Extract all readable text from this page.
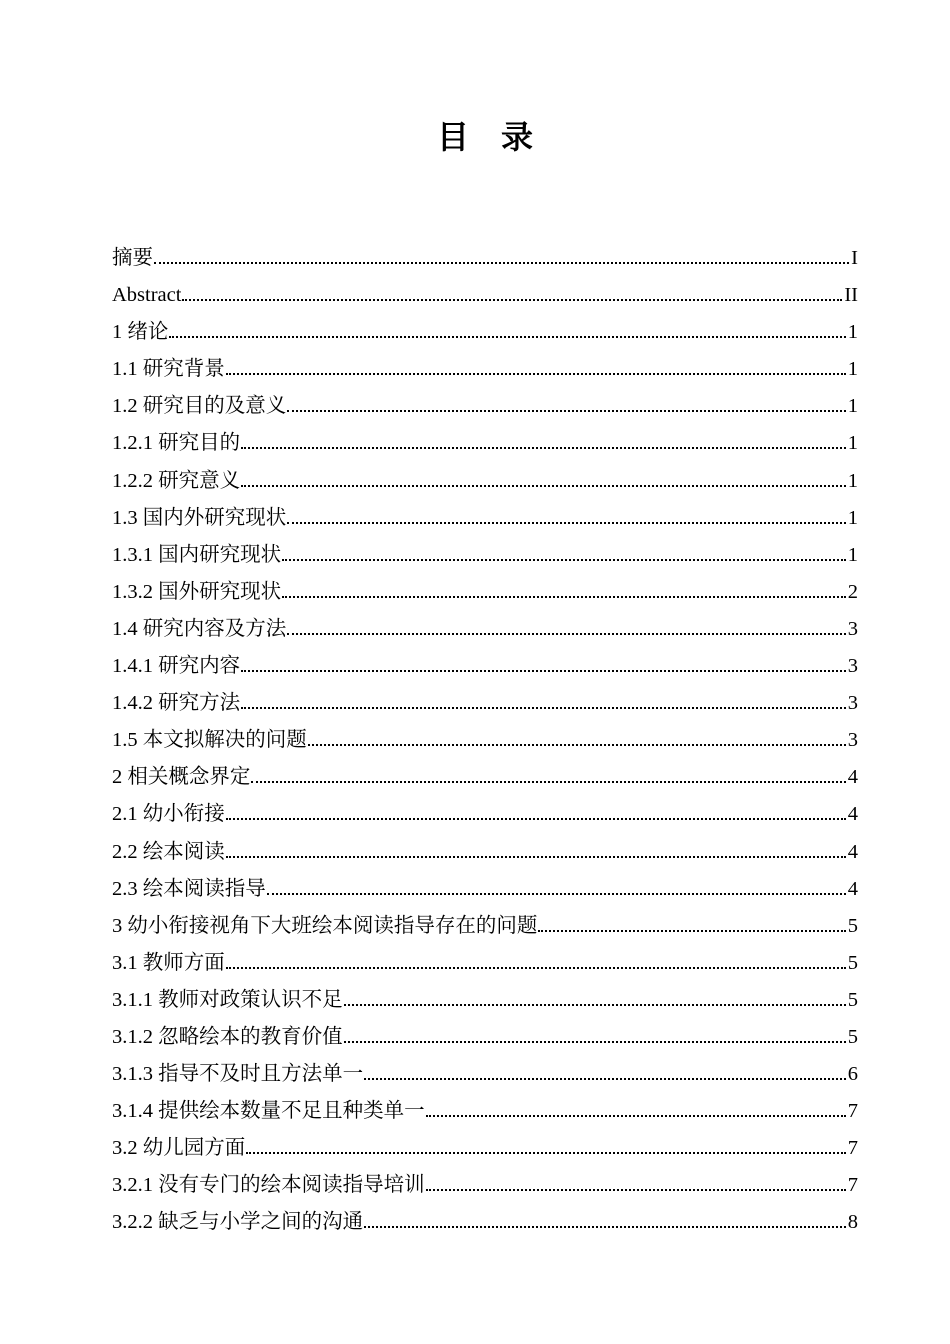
目　录
摘要	I
Abstract	II
1 绪论	1
1.1 研究背景	1
1.2 研究目的及意义	1
1.2.1 研究目的	1
1.2.2 研究意义	1
1.3 国内外研究现状	1
1.3.1 国内研究现状	1
1.3.2 国外研究现状	2
1.4 研究内容及方法	3
1.4.1 研究内容	3
1.4.2 研究方法	3
1.5 本文拟解决的问题	3
2 相关概念界定	4
2.1 幼小衔接	4
2.2 绘本阅读	4
2.3 绘本阅读指导	4
3 幼小衔接视角下大班绘本阅读指导存在的问题	5
3.1 教师方面	5
3.1.1 教师对政策认识不足	5
3.1.2 忽略绘本的教育价值	5
3.1.3 指导不及时且方法单一	6
3.1.4 提供绘本数量不足且种类单一	7
3.2 幼儿园方面	7
3.2.1 没有专门的绘本阅读指导培训	7
3.2.2 缺乏与小学之间的沟通	8
